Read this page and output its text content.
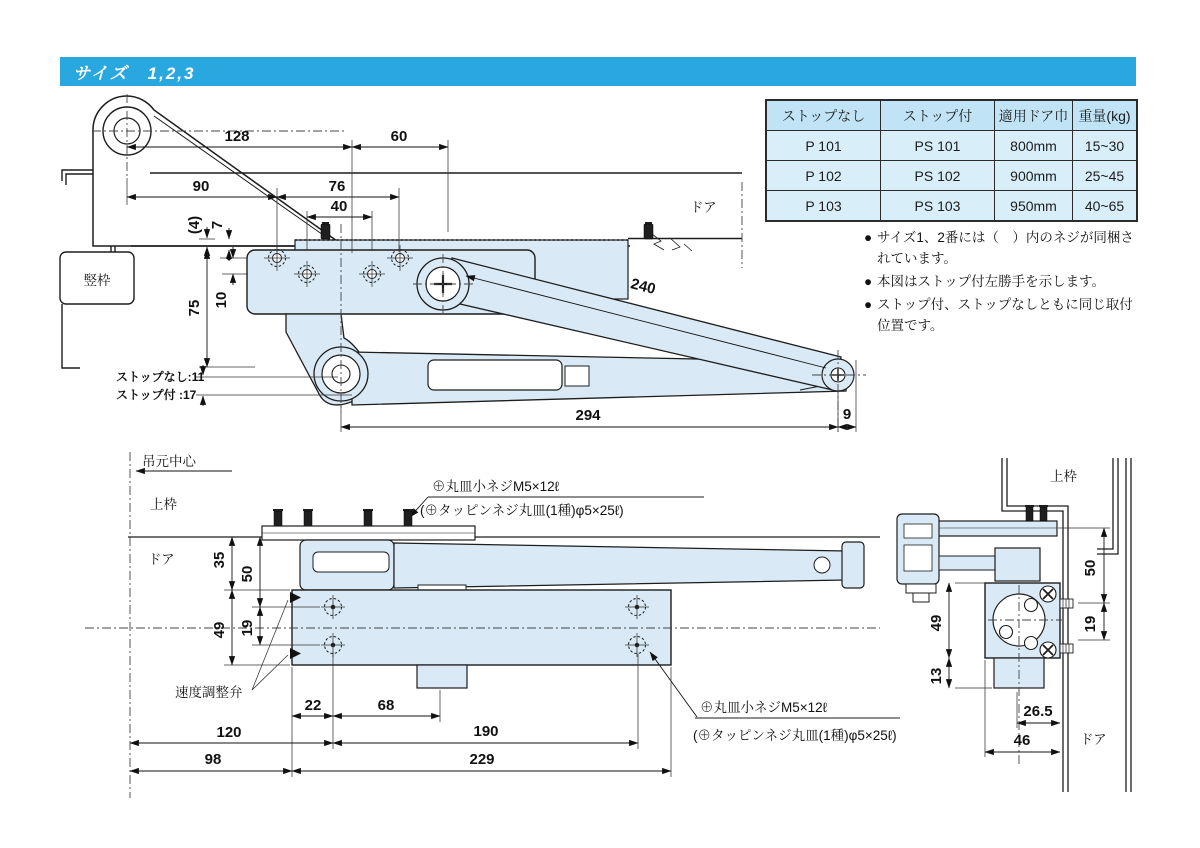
サイズ　1,2,3
ストップなし	ストップ付	適用ドア巾	重量(kg)
P 101	PS 101	800mm	15~30
P 102	PS 102	900mm	25~45
P 103	PS 103	950mm	40~65
● サイズ1、2番には（　）内のネジが同梱されています。
● 本図はストップ付左勝手を示します。
● ストップ付、ストップなしともに同じ取付位置です。
竪枠
ドア
128	60
90	76
40
(4) 7
75 10
240
294	9
ストップなし:11
ストップ付 :17
吊元中心
上枠
ドア
⊕丸皿小ネジM5×12ℓ
(⊕タッピンネジ丸皿(1種)φ5×25ℓ)
速度調整弁
⊕丸皿小ネジM5×12ℓ
(⊕タッピンネジ丸皿(1種)φ5×25ℓ)
35
49
50
19
22	68
120	190
98	229
上枠
ドア
50
19
49
13
26.5
46
